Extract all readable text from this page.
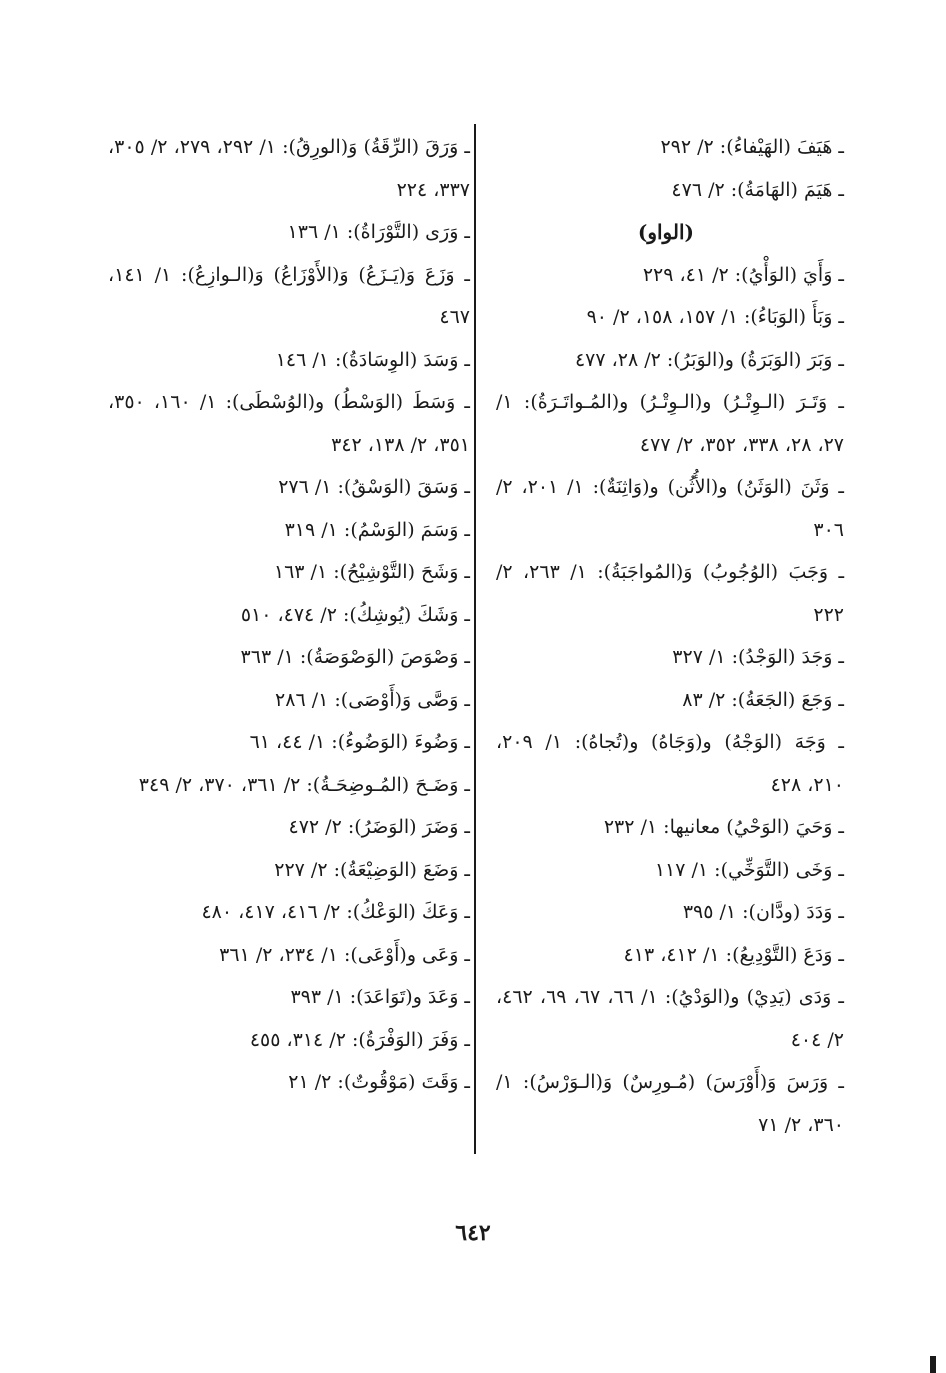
ـ هَيَفَ (الهَيْفاءُ): ٢/ ٢٩٢
ـ هَيَمَ (الهَامَةُ): ٢/ ٤٧٦
(الواو)
ـ وَأَيَ (الوَأْيُ): ٢/ ٤١، ٢٢٩
ـ وَبَأَ (الوَبَاءُ): ١/ ١٥٧، ١٥٨، ٢/ ٩٠
ـ وَبَرَ (الوَبَرَةُ) و(الوَبَرُ): ٢/ ٢٨، ٤٧٧
ـ وَتَـرَ (الـوِتْـرُ) و(الـوِتْـرُ) و(المُـواتَـرَةُ): ١/ ٢٧، ٢٨، ٣٣٨، ٣٥٢، ٢/ ٤٧٧
ـ وَثَنَ (الوَثَنُ) و(الأُثُن) و(وَاثِنَةٌ): ١/ ٢٠١، ٢/ ٣٠٦
ـ وَجَبَ (الوُجُوبُ) وَ(المُواجَبَةُ): ١/ ٢٦٣، ٢/ ٢٢٢
ـ وَجَدَ (الوَجْدُ): ١/ ٣٢٧
ـ وَجَعَ (الجَعَةُ): ٢/ ٨٣
ـ وَجَهَ (الوَجْهُ) و(وَجَاهُ) و(تُجاهُ): ١/ ٢٠٩، ٢١٠، ٤٢٨
ـ وَحَيَ (الوَحْيُ) معانيها: ١/ ٢٣٢
ـ وَخَى (التَّوَخِّي): ١/ ١١٧
ـ وَدَدَ (ودَّان): ١/ ٣٩٥
ـ وَدَعَ (التَّوْدِيعُ): ١/ ٤١٢، ٤١٣
ـ وَدَى (يَدِيْ) و(الوَدْيُ): ١/ ٦٦، ٦٧، ٦٩، ٤٦٢، ٢/ ٤٠٤
ـ وَرَسَ وَ(أَوْرَسَ) (مُـورِسٌ) وَ(الـوَرْسُ): ١/ ٣٦٠، ٢/ ٧١
ـ وَرَقَ (الرِّقَةُ) وَ(الورِقُ): ١/ ٢٩٢، ٢٧٩، ٢/ ٣٠٥، ٣٣٧، ٢٢٤
ـ وَرَى (التَّوْرَاةُ): ١/ ١٣٦
ـ وَزَعَ وَ(يَـزَعُ) وَ(الأَوْزَاعُ) وَ(الـوازِعُ): ١/ ١٤١، ٤٦٧
ـ وَسَدَ (الوِسَادَةُ): ١/ ١٤٦
ـ وَسَطَ (الوَسْطُ) و(الوُسْطَى): ١/ ١٦٠، ٣٥٠، ٣٥١، ٢/ ١٣٨، ٣٤٢
ـ وَسَقَ (الوَسْقُ): ١/ ٢٧٦
ـ وَسَمَ (الوَسْمُ): ١/ ٣١٩
ـ وَشَحَ (التَّوْشِيْحُ): ١/ ١٦٣
ـ وَشَكَ (يُوشِكُ): ٢/ ٤٧٤، ٥١٠
ـ وَصْوَصَ (الوَصْوَصَةُ): ١/ ٣٦٣
ـ وَصَّى وَ(أَوْصَى): ١/ ٢٨٦
ـ وَضُوءَ (الوَضُوءُ): ١/ ٤٤، ٦١
ـ وَضَـحَ (المُـوضِحَـةُ): ٢/ ٣٦١، ٣٧٠، ٢/ ٣٤٩
ـ وَضَرَ (الوَضَرُ): ٢/ ٤٧٢
ـ وَضَعَ (الوَضِيْعَةُ): ٢/ ٢٢٧
ـ وَعَكَ (الوَعْكُ): ٢/ ٤١٦، ٤١٧، ٤٨٠
ـ وَعَى و(أَوْعَى): ١/ ٢٣٤، ٢/ ٣٦١
ـ وَعَدَ و(تَوَاعَدَ): ١/ ٣٩٣
ـ وَفَرَ (الوَفْرَةُ): ٢/ ٣١٤، ٤٥٥
ـ وَقَتَ (مَوْقُوتٌ): ٢/ ٢١
٦٤٢
